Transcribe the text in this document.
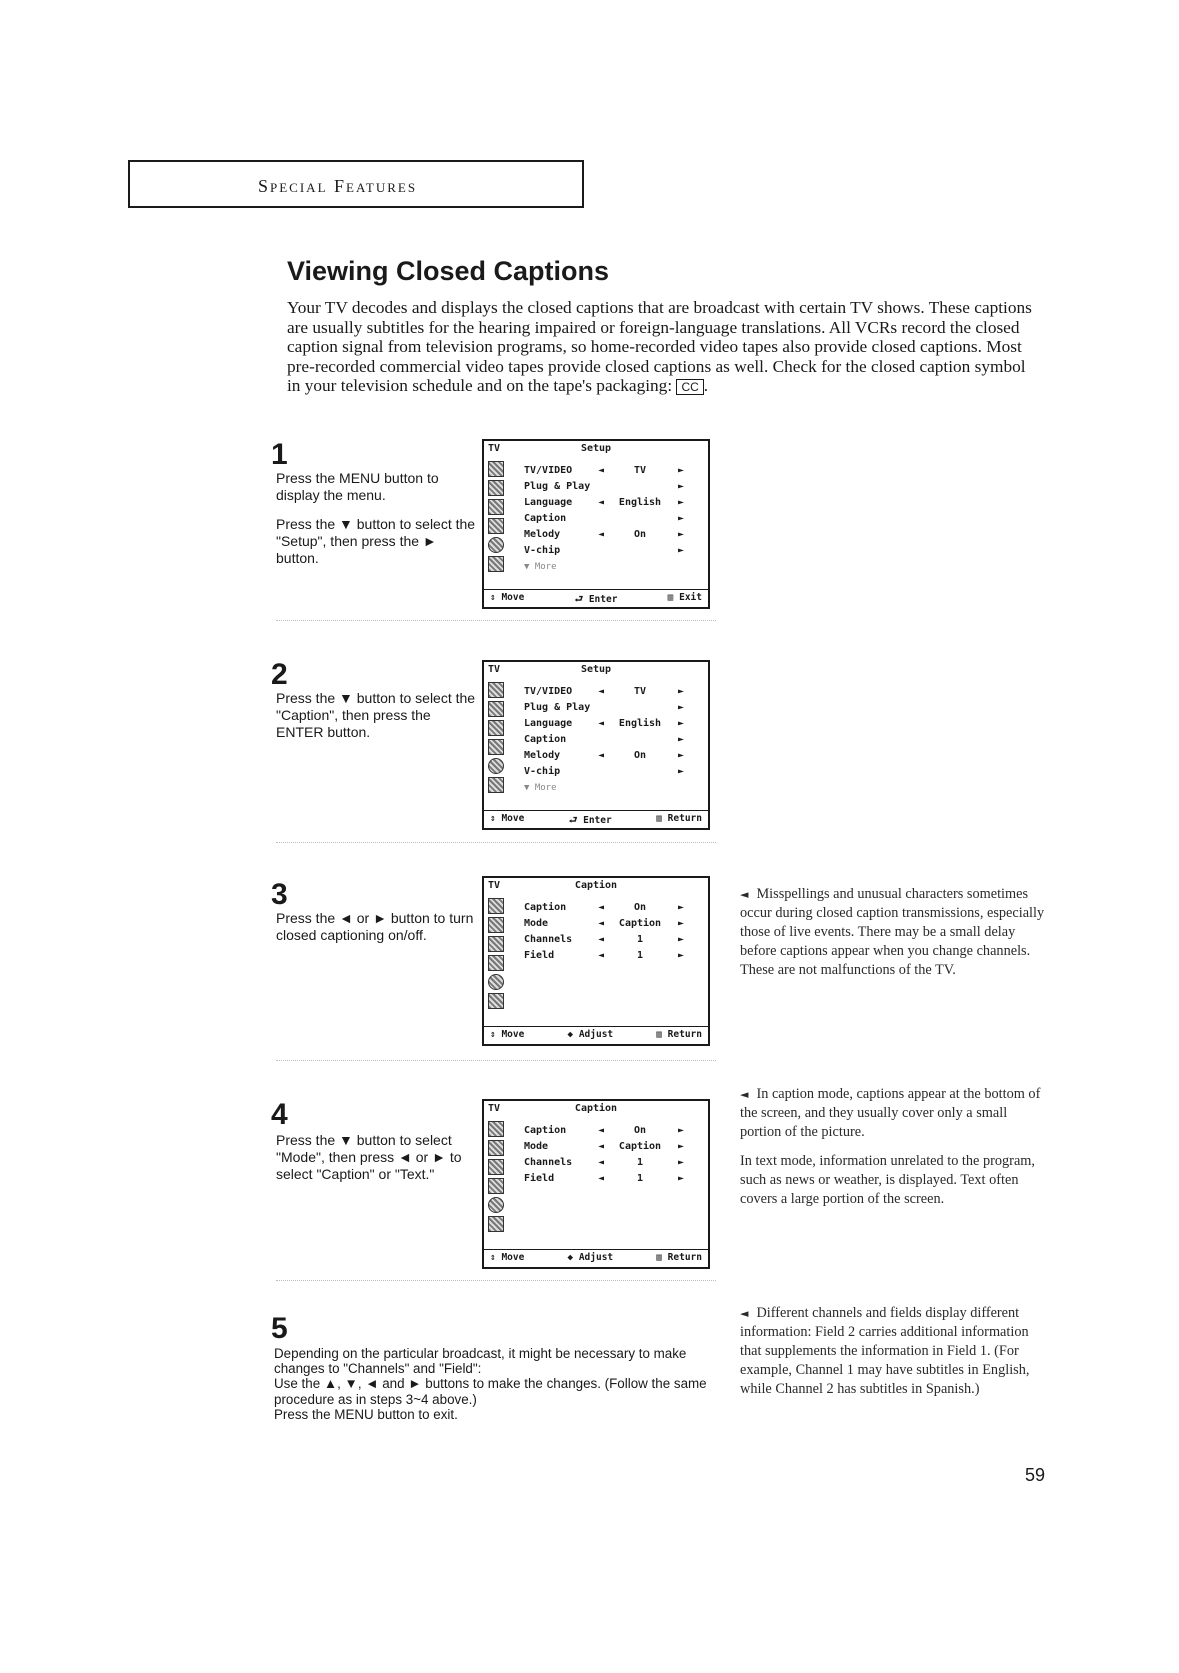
Special Features
Viewing Closed Captions

Your TV decodes and displays the closed captions that are broadcast with certain TV shows. These captions are usually subtitles for the hearing impaired or foreign-language translations. All VCRs record the closed caption signal from television programs, so home-recorded video tapes also provide closed captions. Most pre-recorded commercial video tapes provide closed captions as well. Check for the closed caption symbol in your television schedule and on the tape's packaging: CC .

1

Press the MENU button to display the menu.

Press the ▼ button to select the "Setup", then press the ► button.

TV	Setup
TV/VIDEO	◄	TV	►
Plug & Play	►
Language	◄	English	►
Caption	►
Melody	◄	On	►
V-chip	►
▼ More
⇕ Move	⮐ Enter	▥ Exit
2

Press the ▼ button to select the "Caption", then press the ENTER button.

TV	Setup
TV/VIDEO	◄	TV	►
Plug & Play	►
Language	◄	English	►
Caption	►
Melody	◄	On	►
V-chip	►
▼ More
⇕ Move	⮐ Enter	▥ Return
3

Press the ◄ or ► button to turn closed captioning on/off.

TV	Caption
Caption	◄	On	►
Mode	◄	Caption	►
Channels	◄	1	►
Field	◄	1	►
⇕ Move	◆ Adjust	▥ Return

◄ Misspellings and unusual characters sometimes occur during closed caption transmissions, especially those of live events. There may be a small delay before captions appear when you change channels. These are not malfunctions of the TV.

4

Press the ▼ button to select "Mode", then press ◄ or ► to select "Caption" or "Text."

TV	Caption
Caption	◄	On	►
Mode	◄	Caption	►
Channels	◄	1	►
Field	◄	1	►
⇕ Move	◆ Adjust	▥ Return

◄ In caption mode, captions appear at the bottom of the screen, and they usually cover only a small portion of the picture.

In text mode, information unrelated to the program, such as news or weather, is displayed. Text often covers a large portion of the screen.

5

Depending on the particular broadcast, it might be necessary to make changes to "Channels" and "Field":

Use the ▲, ▼, ◄ and ► buttons to make the changes. (Follow the same procedure as in steps 3~4 above.)

Press the MENU button to exit.

◄ Different channels and fields display different information: Field 2 carries additional information that supplements the information in Field 1. (For example, Channel 1 may have subtitles in English, while Channel 2 has subtitles in Spanish.)

59
